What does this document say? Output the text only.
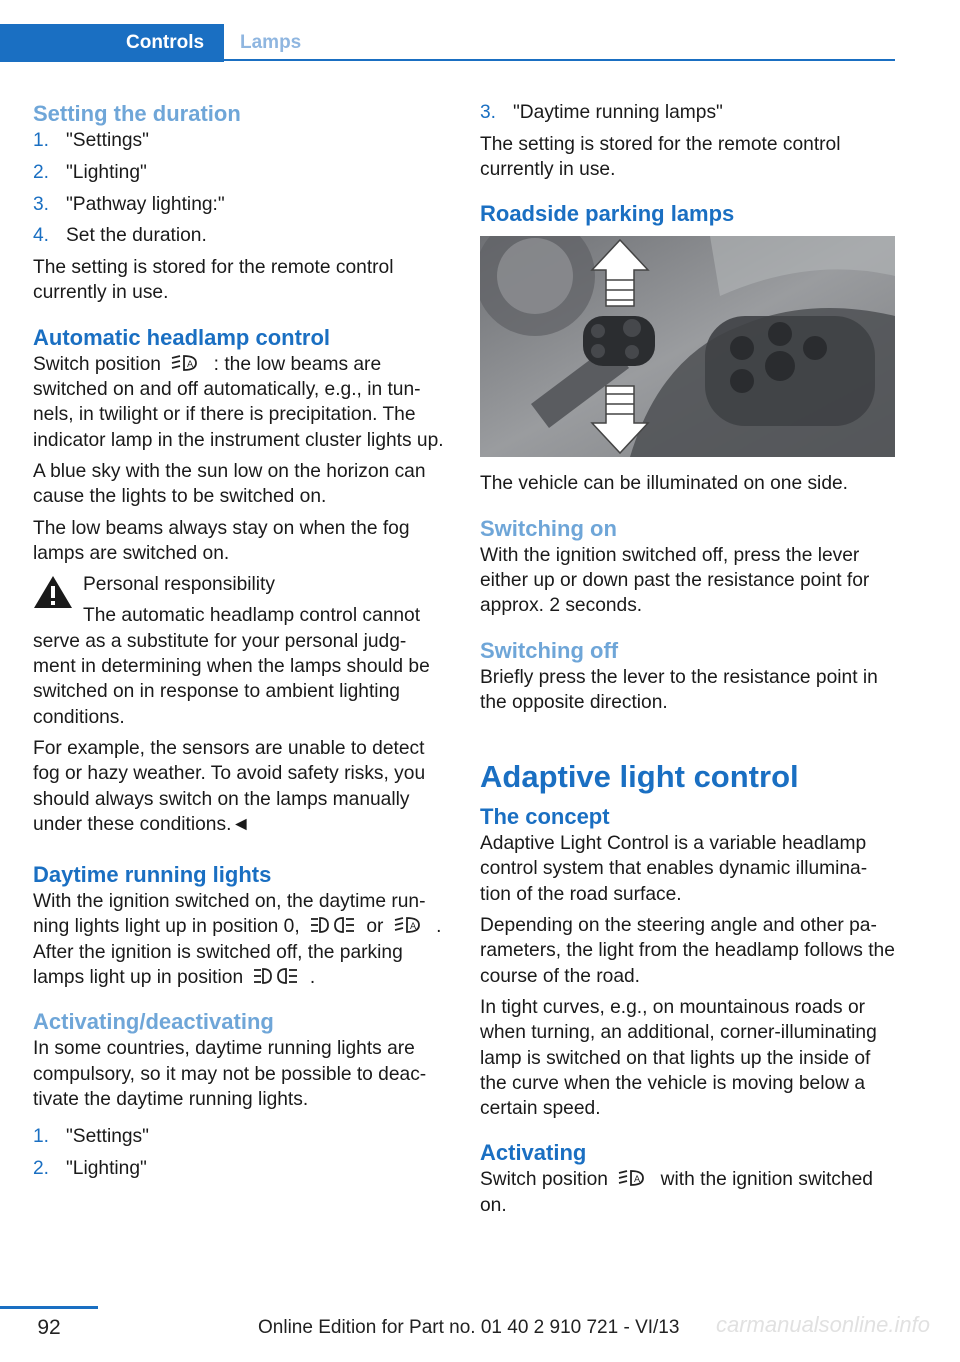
Controls	Lamps
Setting the duration
1. "Settings"
2. "Lighting"
3. "Pathway lighting:"
4. Set the duration.

The setting is stored for the remote control currently in use.

Automatic headlamp control

Switch position	A : the low beams are switched on and off automatically, e.g., in tun‐nels, in twilight or if there is precipitation. The indicator lamp in the instrument cluster lights up.

A blue sky with the sun low on the horizon can cause the lights to be switched on.

The low beams always stay on when the fog lamps are switched on.

Personal responsibility

The automatic headlamp control cannot serve as a substitute for your personal judg‐ment in determining when the lamps should be switched on in response to ambient lighting conditions.

For example, the sensors are unable to detect fog or hazy weather. To avoid safety risks, you should always switch on the lamps manually under these conditions.◄

Daytime running lights

With the ignition switched on, the daytime run‐ning lights light up in position 0,	or	A . After the ignition is switched off, the parking lamps light up in position	.

Activating/deactivating

In some countries, daytime running lights are compulsory, so it may not be possible to deac‐tivate the daytime running lights.

1. "Settings"
2. "Lighting"
3. "Daytime running lamps"

The setting is stored for the remote control currently in use.

Roadside parking lamps

The vehicle can be illuminated on one side.

Switching on

With the ignition switched off, press the lever either up or down past the resistance point for approx. 2 seconds.

Switching off

Briefly press the lever to the resistance point in the opposite direction.

Adaptive light control
The concept

Adaptive Light Control is a variable headlamp control system that enables dynamic illumina‐tion of the road surface.

Depending on the steering angle and other pa‐rameters, the light from the headlamp follows the course of the road.

In tight curves, e.g., on mountainous roads or when turning, an additional, corner-illuminating lamp is switched on that lights up the inside of the curve when the vehicle is moving below a certain speed.

Activating

Switch position	A with the ignition switched on.

92	Online Edition for Part no. 01 40 2 910 721 - VI/13 carmanualsonline.info
